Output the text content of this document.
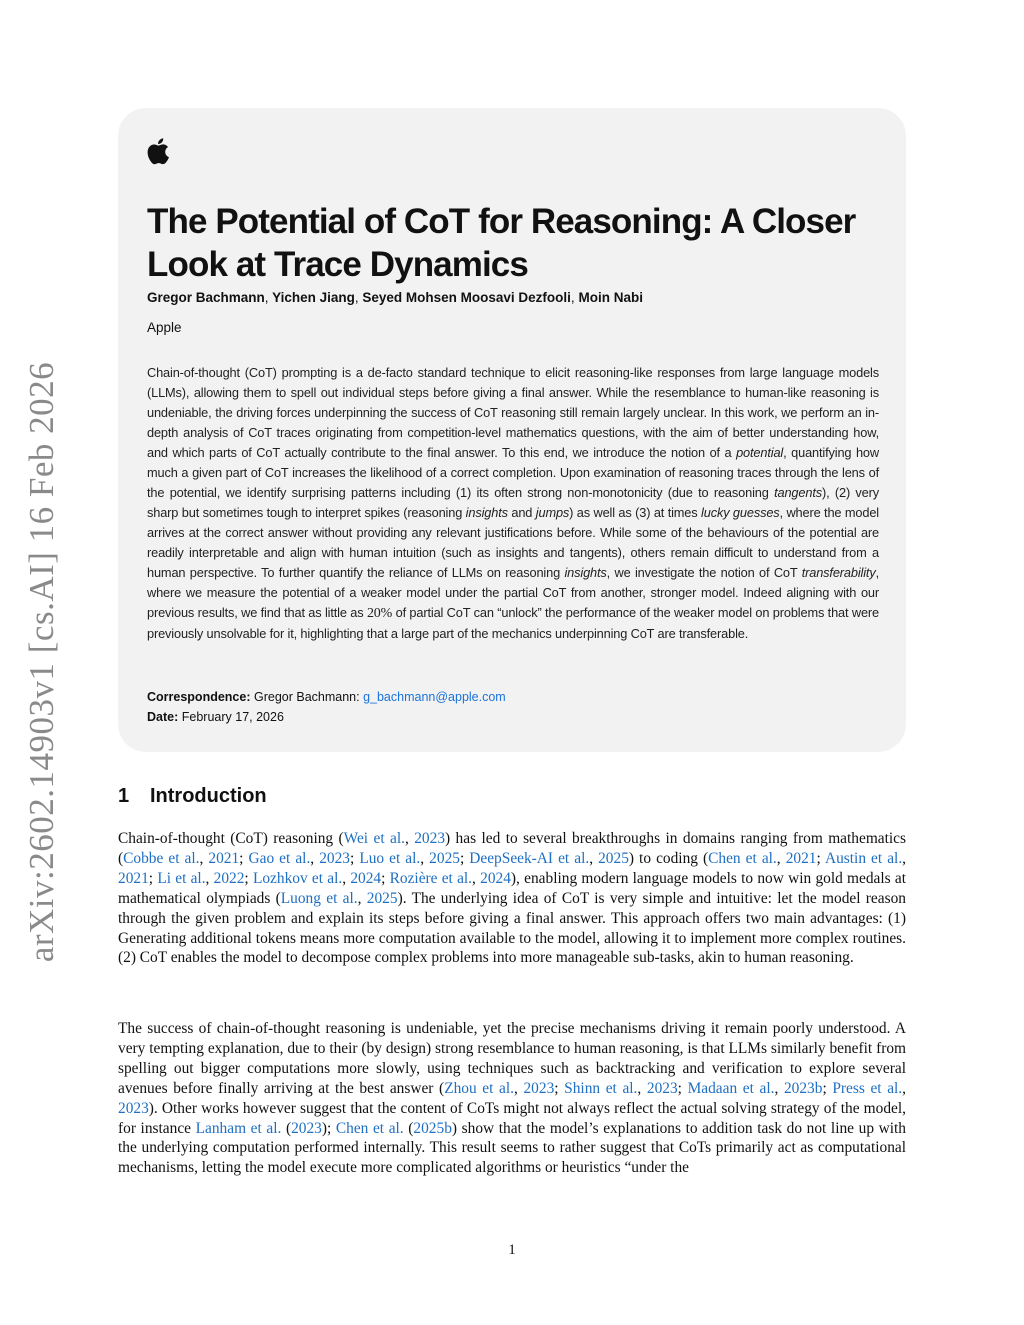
arXiv:2602.14903v1 [cs.AI] 16 Feb 2026
The Potential of CoT for Reasoning: A Closer Look at Trace Dynamics
Gregor Bachmann, Yichen Jiang, Seyed Mohsen Moosavi Dezfooli, Moin Nabi
Apple
Chain-of-thought (CoT) prompting is a de-facto standard technique to elicit reasoning-like responses from large language models (LLMs), allowing them to spell out individual steps before giving a final answer. While the resemblance to human-like reasoning is undeniable, the driving forces underpinning the success of CoT reasoning still remain largely unclear. In this work, we perform an in-depth analysis of CoT traces originating from competition-level mathematics questions, with the aim of better understanding how, and which parts of CoT actually contribute to the final answer. To this end, we introduce the notion of a potential, quantifying how much a given part of CoT increases the likelihood of a correct completion. Upon examination of reasoning traces through the lens of the potential, we identify surprising patterns including (1) its often strong non-monotonicity (due to reasoning tangents), (2) very sharp but sometimes tough to interpret spikes (reasoning insights and jumps) as well as (3) at times lucky guesses, where the model arrives at the correct answer without providing any relevant justifications before. While some of the behaviours of the potential are readily interpretable and align with human intuition (such as insights and tangents), others remain difficult to understand from a human perspective. To further quantify the reliance of LLMs on reasoning insights, we investigate the notion of CoT transferability, where we measure the potential of a weaker model under the partial CoT from another, stronger model. Indeed aligning with our previous results, we find that as little as 20% of partial CoT can “unlock” the performance of the weaker model on problems that were previously unsolvable for it, highlighting that a large part of the mechanics underpinning CoT are transferable.
Correspondence: Gregor Bachmann: g_bachmann@apple.com
Date: February 17, 2026
1 Introduction
Chain-of-thought (CoT) reasoning (Wei et al., 2023) has led to several breakthroughs in domains ranging from mathematics (Cobbe et al., 2021; Gao et al., 2023; Luo et al., 2025; DeepSeek-AI et al., 2025) to coding (Chen et al., 2021; Austin et al., 2021; Li et al., 2022; Lozhkov et al., 2024; Rozière et al., 2024), enabling modern language models to now win gold medals at mathematical olympiads (Luong et al., 2025). The underlying idea of CoT is very simple and intuitive: let the model reason through the given problem and explain its steps before giving a final answer. This approach offers two main advantages: (1) Generating additional tokens means more computation available to the model, allowing it to implement more complex routines. (2) CoT enables the model to decompose complex problems into more manageable sub-tasks, akin to human reasoning.
The success of chain-of-thought reasoning is undeniable, yet the precise mechanisms driving it remain poorly understood. A very tempting explanation, due to their (by design) strong resemblance to human reasoning, is that LLMs similarly benefit from spelling out bigger computations more slowly, using techniques such as backtracking and verification to explore several avenues before finally arriving at the best answer (Zhou et al., 2023; Shinn et al., 2023; Madaan et al., 2023b; Press et al., 2023). Other works however suggest that the content of CoTs might not always reflect the actual solving strategy of the model, for instance Lanham et al. (2023); Chen et al. (2025b) show that the model’s explanations to addition task do not line up with the underlying computation performed internally. This result seems to rather suggest that CoTs primarily act as computational mechanisms, letting the model execute more complicated algorithms or heuristics “under the
1
